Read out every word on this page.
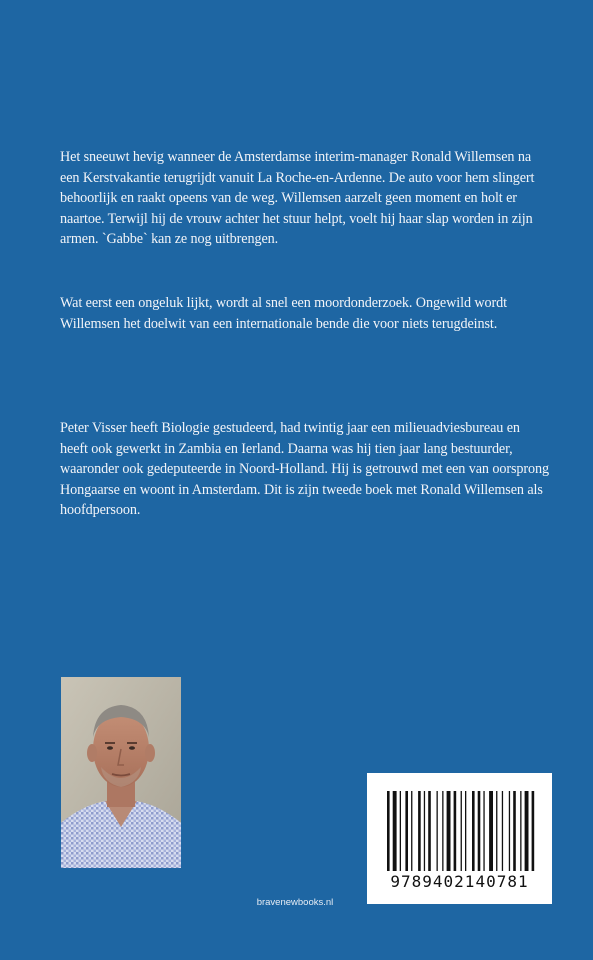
Het sneeuwt hevig wanneer de Amsterdamse interim-manager Ronald Willemsen na een Kerstvakantie terugrijdt vanuit La Roche-en-Ardenne. De auto voor hem slingert behoorlijk en raakt opeens van de weg. Willemsen aarzelt geen moment en holt er naartoe. Terwijl hij de vrouw achter het stuur helpt, voelt hij haar slap worden in zijn armen. `Gabbe` kan ze nog uitbrengen.

Wat eerst een ongeluk lijkt, wordt al snel een moordonderzoek. Ongewild wordt Willemsen het doelwit van een internationale bende die voor niets terugdeinst.

Peter Visser heeft Biologie gestudeerd, had twintig jaar een milieuadviesbureau en heeft ook gewerkt in Zambia en Ierland. Daarna was hij tien jaar lang bestuurder, waaronder ook gedeputeerde in Noord-Holland. Hij is getrouwd met een van oorsprong Hongaarse en woont in Amsterdam. Dit is zijn tweede boek met Ronald Willemsen als hoofdpersoon.

9789402140781
bravenewbooks.nl
